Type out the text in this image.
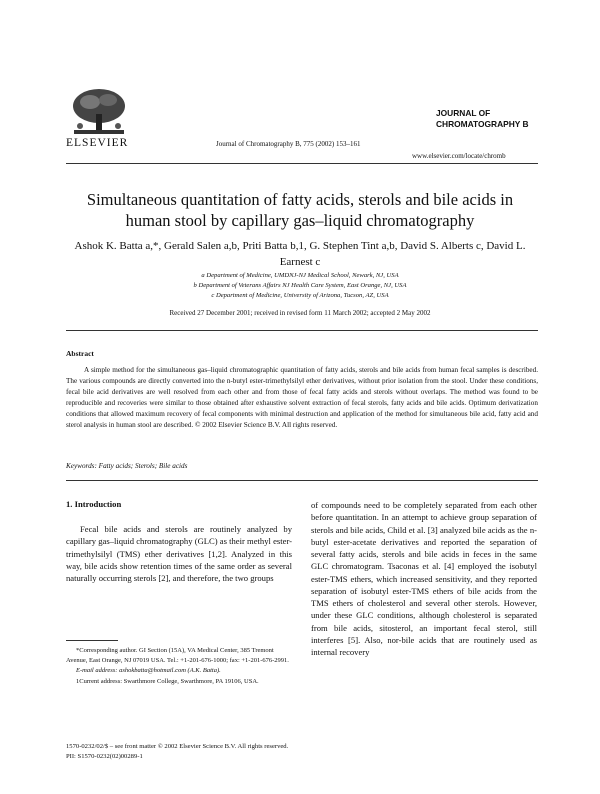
ELSEVIER	Journal of Chromatography B, 775 (2002) 153–161
JOURNAL OF
CHROMATOGRAPHY B
www.elsevier.com/locate/chromb
Simultaneous quantitation of fatty acids, sterols and bile acids in human stool by capillary gas–liquid chromatography
Ashok K. Batta a,*, Gerald Salen a,b, Priti Batta b,1, G. Stephen Tint a,b, David S. Alberts c, David L. Earnest c
a Department of Medicine, UMDNJ-NJ Medical School, Newark, NJ, USA
b Department of Veterans Affairs NJ Health Care System, East Orange, NJ, USA
c Department of Medicine, University of Arizona, Tucson, AZ, USA
Received 27 December 2001; received in revised form 11 March 2002; accepted 2 May 2002
Abstract
A simple method for the simultaneous gas–liquid chromatographic quantitation of fatty acids, sterols and bile acids from human fecal samples is described. The various compounds are directly converted into the n-butyl ester-trimethylsilyl ether derivatives, without prior isolation from the stool. Under these conditions, fecal bile acid derivatives are well resolved from each other and from those of fecal fatty acids and sterols without overlaps. The method was found to be reproducible and recoveries were similar to those obtained after exhaustive solvent extraction of fecal sterols, fatty acids and bile acids. Optimum derivatization conditions that allowed maximum recovery of fecal components with minimal destruction and application of the method for simultaneous bile acid, fatty acid and sterol analysis in human stool are described. © 2002 Elsevier Science B.V. All rights reserved.
Keywords: Fatty acids; Sterols; Bile acids
1. Introduction
Fecal bile acids and sterols are routinely analyzed by capillary gas–liquid chromatography (GLC) as their methyl ester-trimethylsilyl (TMS) ether derivatives [1,2]. Analyzed in this way, bile acids show retention times of the same order as several naturally occurring sterols [2], and therefore, the two groups
of compounds need to be completely separated from each other before quantitation. In an attempt to achieve group separation of sterols and bile acids, Child et al. [3] analyzed bile acids as the n-butyl ester-acetate derivatives and reported the separation of several fatty acids, sterols and bile acids in feces in the same GLC chromatogram. Tsaconas et al. [4] employed the isobutyl ester-TMS ethers, which increased sensitivity, and they reported separation of isobutyl ester-TMS ethers of bile acids from the TMS ethers of cholesterol and several other sterols. However, under these GLC conditions, although cholesterol is separated from bile acids, sitosterol, an important fecal sterol, still interferes [5]. Also, nor-bile acids that are routinely used as internal recovery

*Corresponding author. GI Section (15A), VA Medical Center, 385 Tremont Avenue, East Orange, NJ 07019 USA. Tel.: +1-201-676-1000; fax: +1-201-676-2991.

E-mail address: ashokbatta@hotmail.com (A.K. Batta).

1Current address: Swarthmore College, Swarthmore, PA 19106, USA.

1570-0232/02/$ – see front matter © 2002 Elsevier Science B.V. All rights reserved.
PII: S1570-0232(02)00289-1
